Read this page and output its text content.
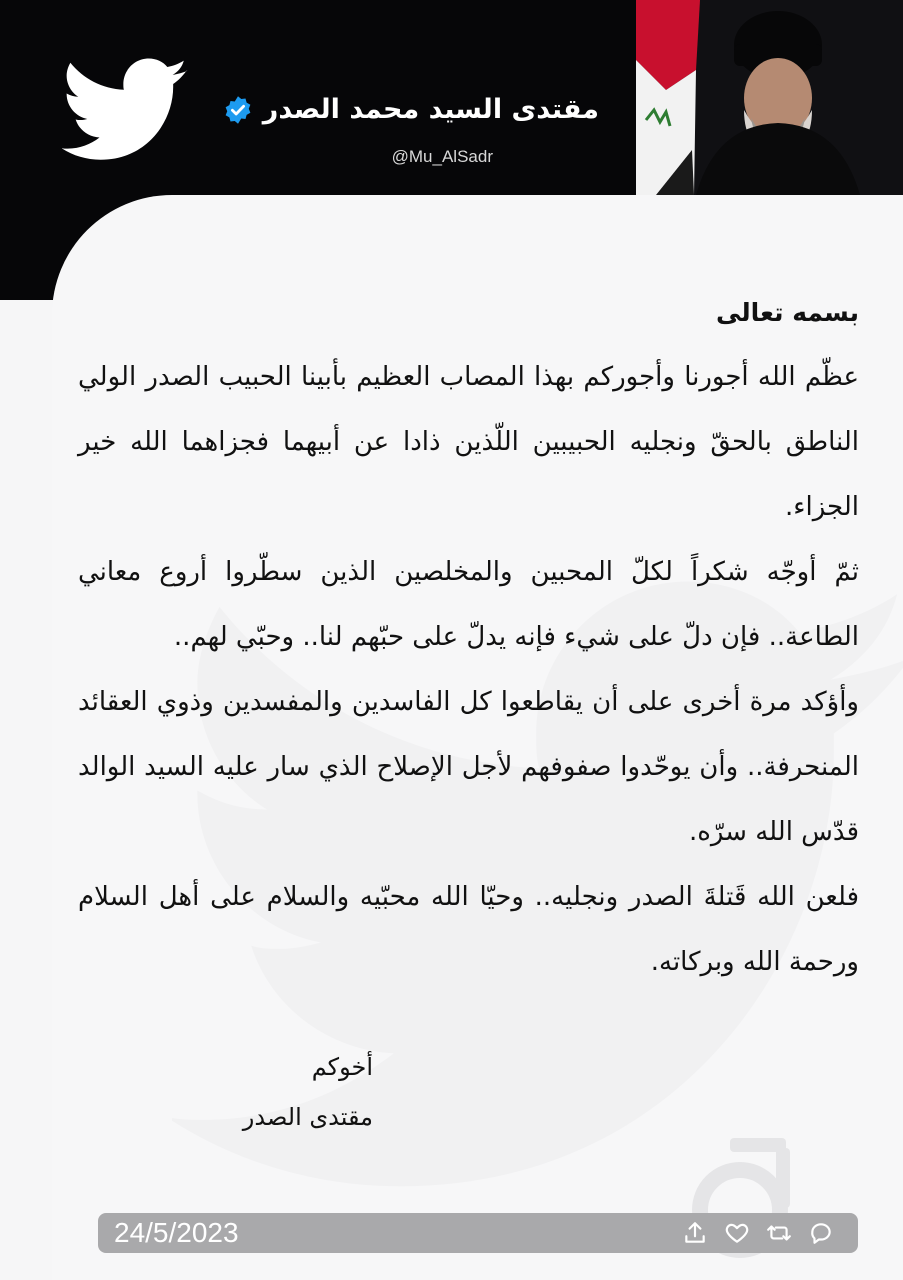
مقتدى السيد محمد الصدر
@Mu_AlSadr

بسمه تعالى

عظّم الله أجورنا وأجوركم بهذا المصاب العظيم بأبينا الحبيب الصدر الولي الناطق بالحقّ ونجليه الحبيبين اللّذين ذادا عن أبيهما فجزاهما الله خير الجزاء.

ثمّ أوجّه شكراً لكلّ المحبين والمخلصين الذين سطّروا أروع معاني الطاعة.. فإن دلّ على شيء فإنه يدلّ على حبّهم لنا.. وحبّي لهم..

وأؤكد مرة أخرى على أن يقاطعوا كل الفاسدين والمفسدين وذوي العقائد المنحرفة.. وأن يوحّدوا صفوفهم لأجل الإصلاح الذي سار عليه السيد الوالد قدّس الله سرّه.

فلعن الله قَتلةَ الصدر ونجليه.. وحيّا الله محبّيه والسلام على أهل السلام ورحمة الله وبركاته.

أخوكم
مقتدى الصدر
24/5/2023
